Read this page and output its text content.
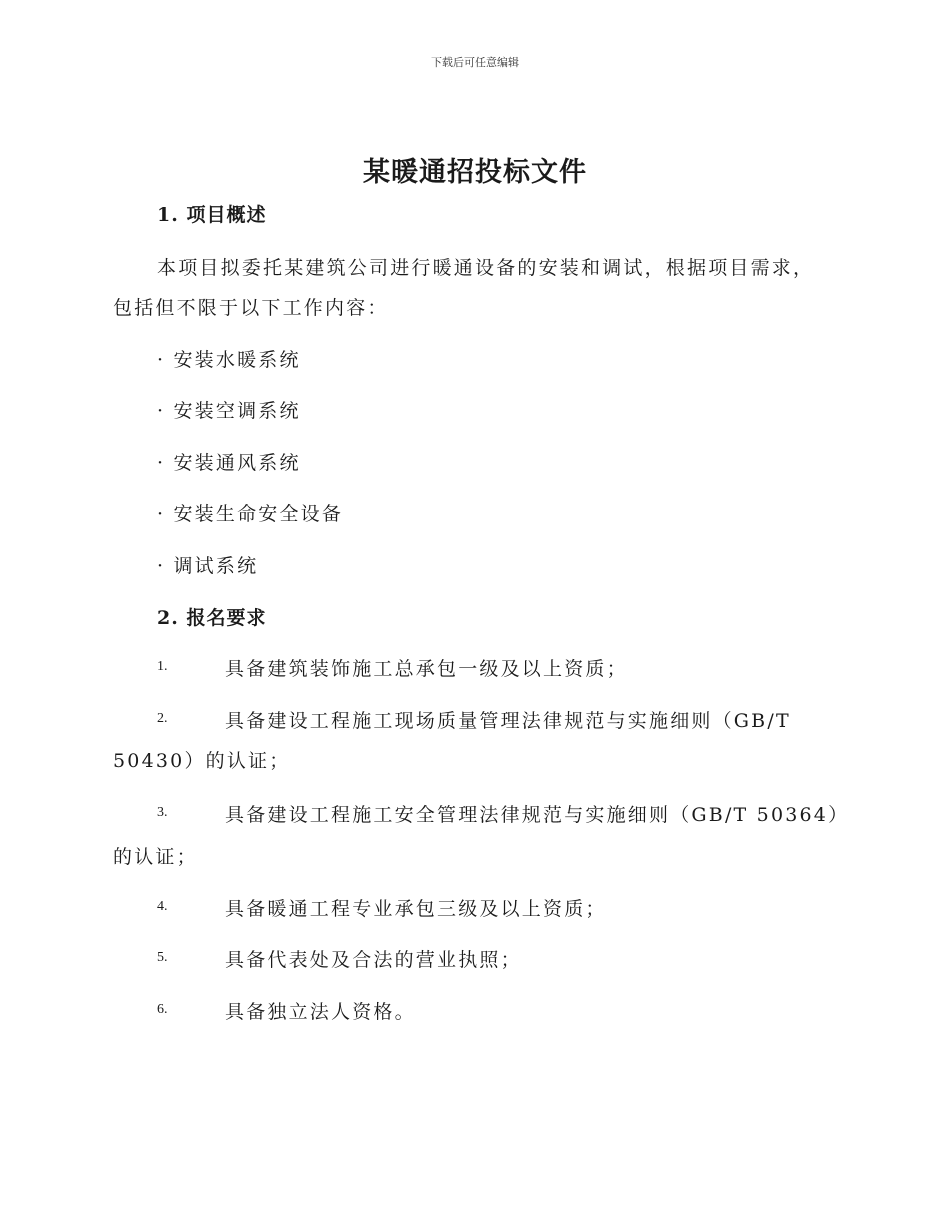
下载后可任意编辑
某暖通招投标文件
1. 项目概述
本项目拟委托某建筑公司进行暖通设备的安装和调试，根据项目需求，
包括但不限于以下工作内容：
· 安装水暖系统
· 安装空调系统
· 安装通风系统
· 安装生命安全设备
· 调试系统
2. 报名要求
1.	具备建筑装饰施工总承包一级及以上资质；
2.	具备建设工程施工现场质量管理法律规范与实施细则（GB/T
50430）的认证；
3.	具备建设工程施工安全管理法律规范与实施细则（GB/T 50364）
的认证；
4.	具备暖通工程专业承包三级及以上资质；
5.	具备代表处及合法的营业执照；
6.	具备独立法人资格。
